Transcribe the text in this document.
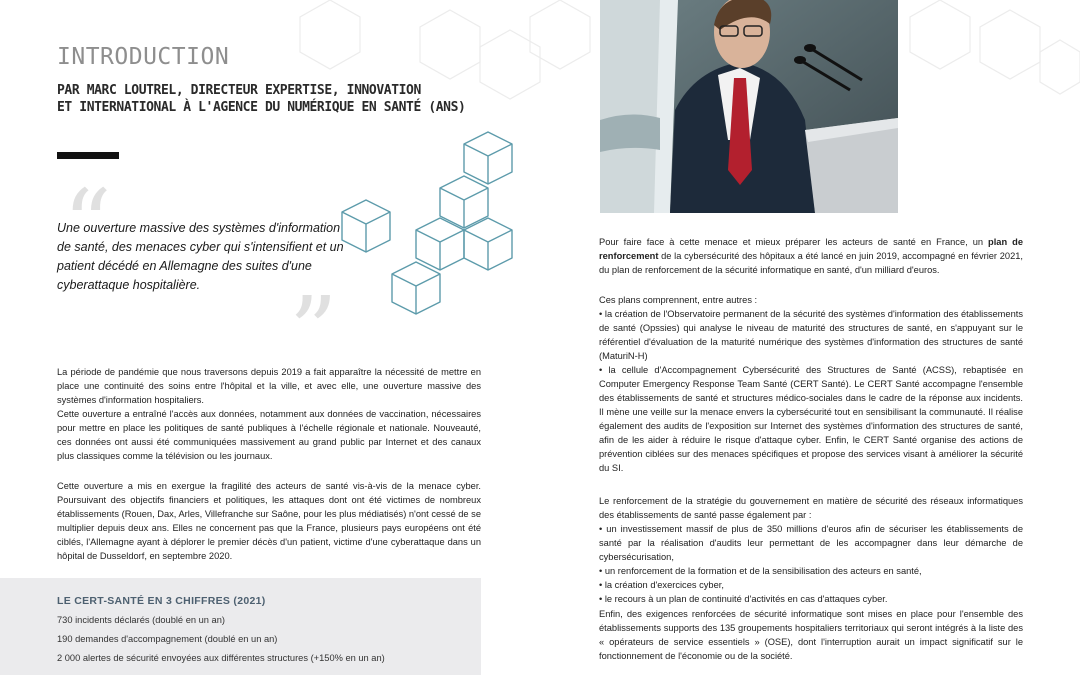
INTRODUCTION
PAR MARC LOUTREL, DIRECTEUR EXPERTISE, INNOVATION
ET INTERNATIONAL À L'AGENCE DU NUMÉRIQUE EN SANTÉ (ANS)
“

Une ouverture massive des systèmes d'information de santé, des menaces cyber qui s'intensifient et un patient décédé en Allemagne des suites d'une cyberattaque hospitalière. ”

La période de pandémie que nous traversons depuis 2019 a fait apparaître la nécessité de mettre en place une continuité des soins entre l'hôpital et la ville, et avec elle, une ouverture massive des systèmes d'information hospitaliers.

Cette ouverture a entraîné l'accès aux données, notamment aux données de vaccination, nécessaires pour mettre en place les politiques de santé publiques à l'échelle régionale et nationale. Nouveauté, ces données ont aussi été communiquées massivement au grand public par Internet et des canaux plus classiques comme la télévision ou les journaux.

Cette ouverture a mis en exergue la fragilité des acteurs de santé vis-à-vis de la menace cyber. Poursuivant des objectifs financiers et politiques, les attaques dont ont été victimes de nombreux établissements (Rouen, Dax, Arles, Villefranche sur Saône, pour les plus médiatisés) n'ont cessé de se multiplier depuis deux ans. Elles ne concernent pas que la France, plusieurs pays européens ont été ciblés, l'Allemagne ayant à déplorer le premier décès d'un patient, victime d'une cyberattaque dans un hôpital de Dusseldorf, en septembre 2020.

LE CERT-SANTÉ EN 3 CHIFFRES (2021)

730 incidents déclarés (doublé en un an)

190 demandes d'accompagnement (doublé en un an)

2 000 alertes de sécurité envoyées aux différentes structures (+150% en un an)

Pour faire face à cette menace et mieux préparer les acteurs de santé en France, un plan de renforcement de la cybersécurité des hôpitaux a été lancé en juin 2019, accompagné en février 2021, du plan de renforcement de la sécurité informatique en santé, d'un milliard d'euros.

Ces plans comprennent, entre autres :

• la création de l'Observatoire permanent de la sécurité des systèmes d'information des établissements de santé (Opssies) qui analyse le niveau de maturité des structures de santé, en s'appuyant sur le référentiel d'évaluation de la maturité numérique des systèmes d'information des structures de santé (MaturiN-H)

• la cellule d'Accompagnement Cybersécurité des Structures de Santé (ACSS), rebaptisée en Computer Emergency Response Team Santé (CERT Santé). Le CERT Santé accompagne l'ensemble des établissements de santé et structures médico-sociales dans le cadre de la réponse aux incidents. Il mène une veille sur la menace envers la cybersécurité tout en sensibilisant la communauté. Il réalise également des audits de l'exposition sur Internet des systèmes d'information des structures de santé, afin de les aider à réduire le risque d'attaque cyber. Enfin, le CERT Santé organise des actions de prévention ciblées sur des menaces spécifiques et propose des services visant à améliorer la sécurité du SI.

Le renforcement de la stratégie du gouvernement en matière de sécurité des réseaux informatiques des établissements de santé passe également par :

• un investissement massif de plus de 350 millions d'euros afin de sécuriser les établissements de santé par la réalisation d'audits leur permettant de les accompagner dans leur démarche de cybersécurisation,

• un renforcement de la formation et de la sensibilisation des acteurs en santé,

• la création d'exercices cyber,

• le recours à un plan de continuité d'activités en cas d'attaques cyber.

Enfin, des exigences renforcées de sécurité informatique sont mises en place pour l'ensemble des établissements supports des 135 groupements hospitaliers territoriaux qui seront intégrés à la liste des « opérateurs de service essentiels » (OSE), dont l'interruption aurait un impact significatif sur le fonctionnement de l'économie ou de la société.
